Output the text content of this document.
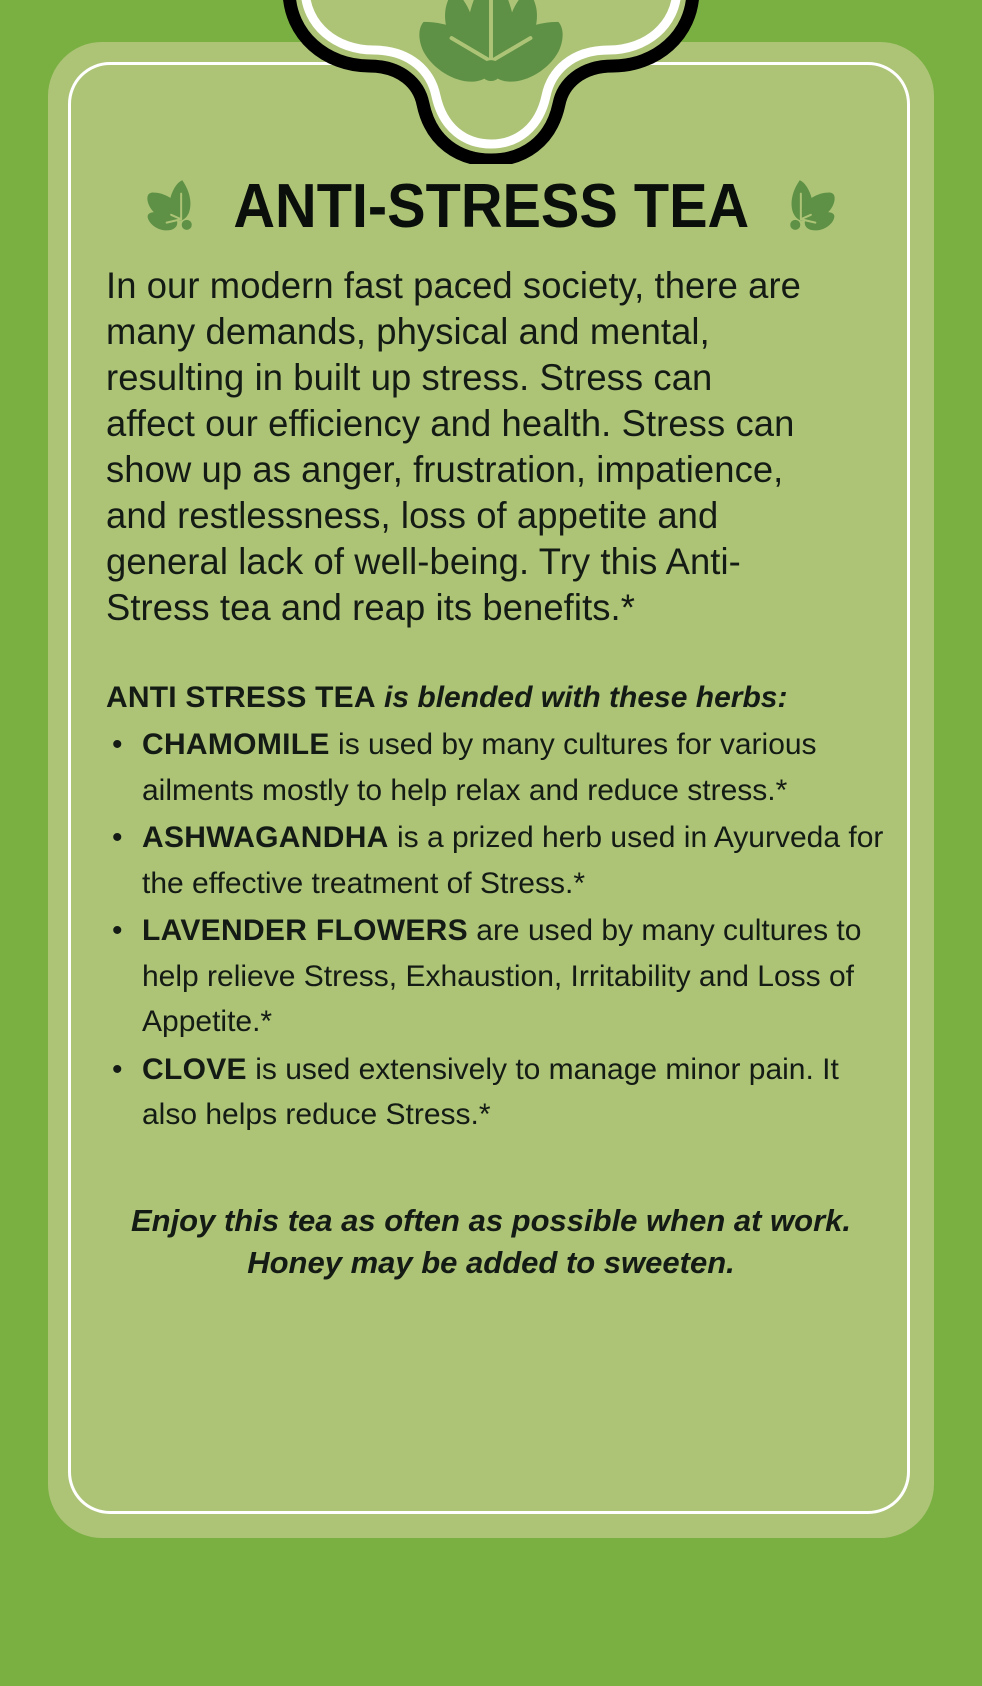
ANTI-STRESS TEA

In our modern fast paced society, there are many demands, physical and mental, resulting in built up stress. Stress can affect our efficiency and health. Stress can show up as anger, frustration, impatience, and restlessness, loss of appetite and general lack of well-being. Try this Anti-Stress tea and reap its benefits.*

ANTI STRESS TEA is blended with these herbs:

• CHAMOMILE is used by many cultures for various ailments mostly to help relax and reduce stress.*
• ASHWAGANDHA is a prized herb used in Ayurveda for the effective treatment of Stress.*
• LAVENDER FLOWERS are used by many cultures to help relieve Stress, Exhaustion, Irritability and Loss of Appetite.*
• CLOVE is used extensively to manage minor pain. It also helps reduce Stress.*
Enjoy this tea as often as possible when at work.
Honey may be added to sweeten.
